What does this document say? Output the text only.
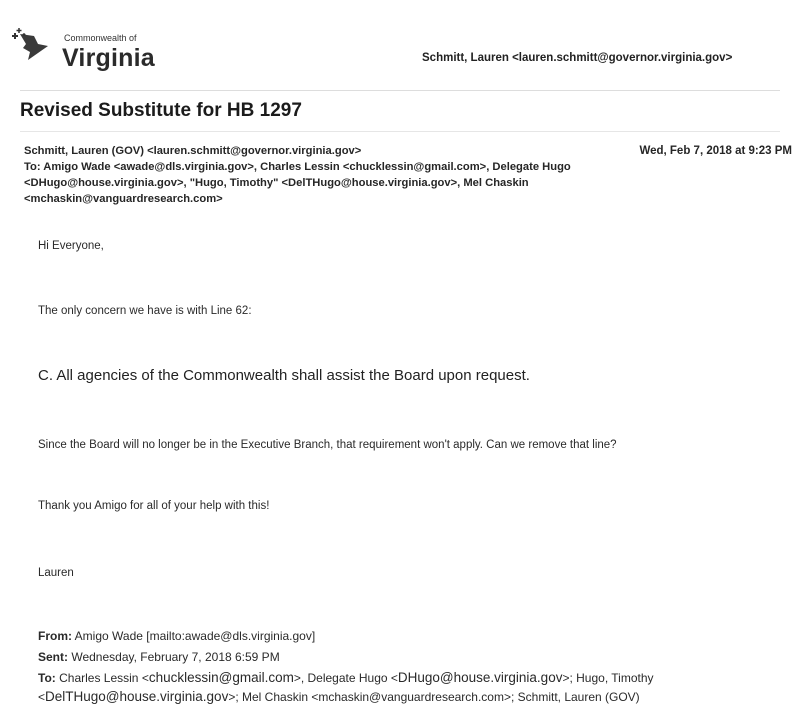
Commonwealth of
Virginia	Schmitt, Lauren <lauren.schmitt@governor.virginia.gov>
Revised Substitute for HB 1297
Schmitt, Lauren (GOV) <lauren.schmitt@governor.virginia.gov>	Wed, Feb 7, 2018 at 9:23 PM
To: Amigo Wade <awade@dls.virginia.gov>, Charles Lessin <chucklessin@gmail.com>, Delegate Hugo
<DHugo@house.virginia.gov>, "Hugo, Timothy" <DelTHugo@house.virginia.gov>, Mel Chaskin
<mchaskin@vanguardresearch.com>
Hi Everyone,
The only concern we have is with Line 62:
C. All agencies of the Commonwealth shall assist the Board upon request.
Since the Board will no longer be in the Executive Branch, that requirement won't apply. Can we remove that line?
Thank you Amigo for all of your help with this!
Lauren
From: Amigo Wade [mailto:awade@dls.virginia.gov]
Sent: Wednesday, February 7, 2018 6:59 PM
To: Charles Lessin <chucklessin@gmail.com>, Delegate Hugo <DHugo@house.virginia.gov>; Hugo, Timothy
<DelTHugo@house.virginia.gov>; Mel Chaskin <mchaskin@vanguardresearch.com>; Schmitt, Lauren (GOV)
